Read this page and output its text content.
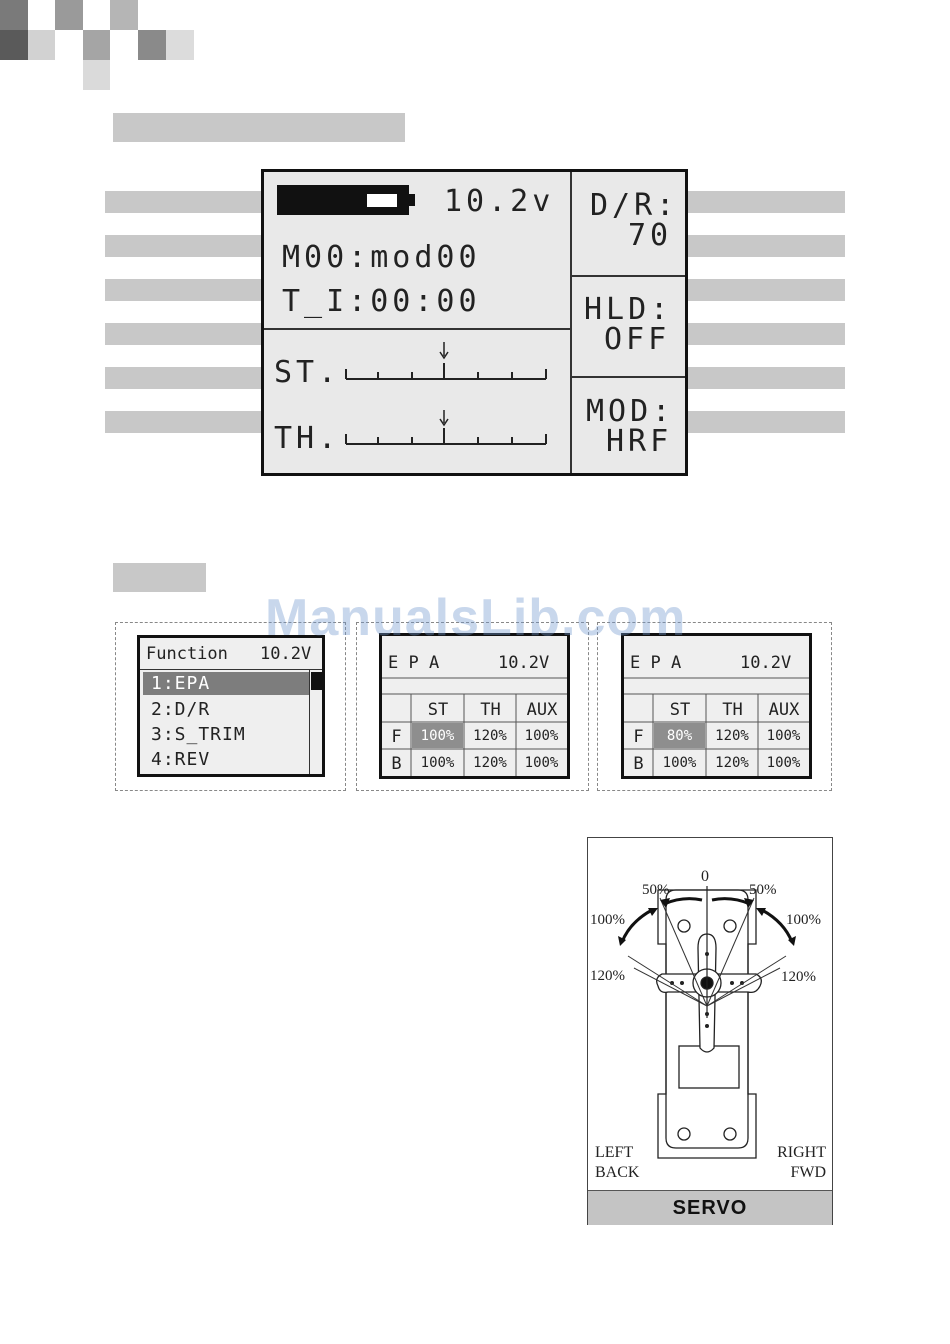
10.2v
M00:mod00
T_I:00:00
ST.
TH.
D/R:
70
HLD:
OFF
MOD:
HRF
Function 10.2V
1:EPA
2:D/R
3:S_TRIM
4:REV
E P A	10.2V
ST	TH	AUX
F	100%	120%	100%
B	100%	120%	100%
E P A	10.2V
ST	TH	AUX
F	80%	120%	100%
B	100%	120%	100%
ManualsLib.com
0
50%	50%
100%	100%
120%	120%
LEFT
BACK
RIGHT
FWD
SERVO
